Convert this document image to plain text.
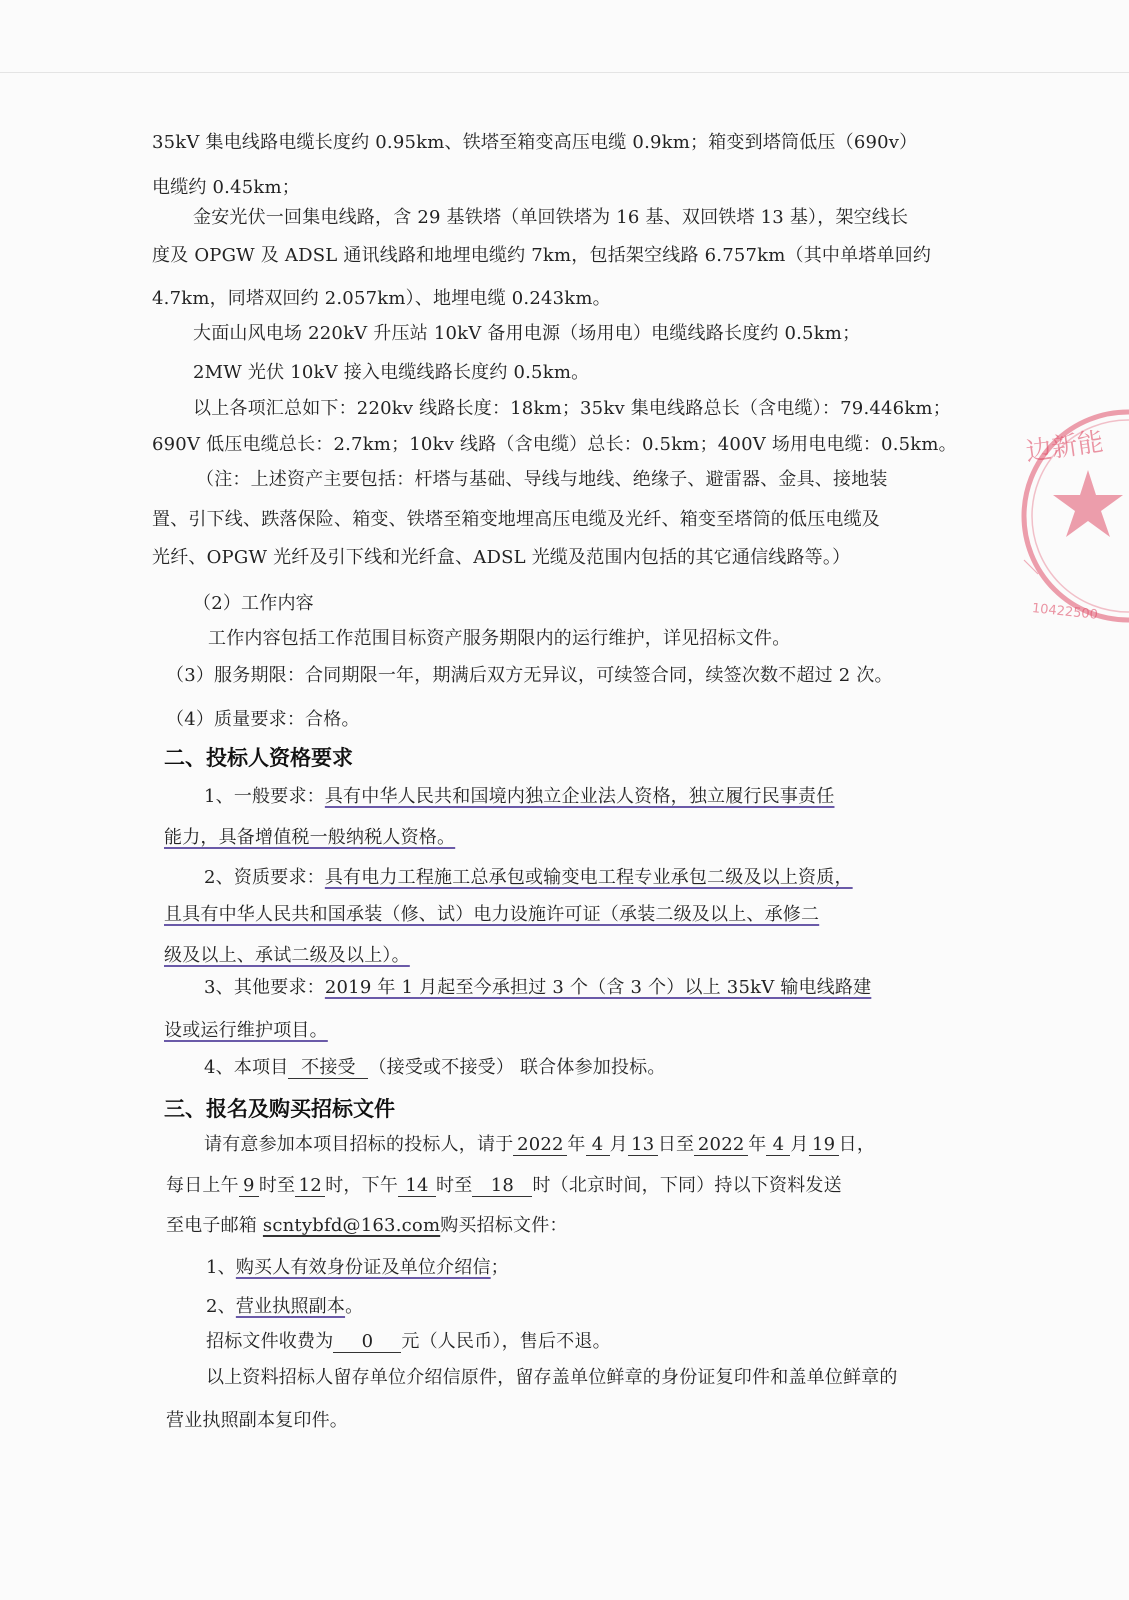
35kV 集电线路电缆长度约 0.95km、铁塔至箱变高压电缆 0.9km；箱变到塔筒低压（690v）
电缆约 0.45km；
金安光伏一回集电线路，含 29 基铁塔（单回铁塔为 16 基、双回铁塔 13 基），架空线长
度及 OPGW 及 ADSL 通讯线路和地埋电缆约 7km，包括架空线路 6.757km（其中单塔单回约
4.7km，同塔双回约 2.057km）、地埋电缆 0.243km。
大面山风电场 220kV 升压站 10kV 备用电源（场用电）电缆线路长度约 0.5km；
2MW 光伏 10kV 接入电缆线路长度约 0.5km。
以上各项汇总如下：220kv 线路长度：18km；35kv 集电线路总长（含电缆）：79.446km；
690V 低压电缆总长：2.7km；10kv 线路（含电缆）总长：0.5km；400V 场用电电缆：0.5km。
（注：上述资产主要包括：杆塔与基础、导线与地线、绝缘子、避雷器、金具、接地装
置、引下线、跌落保险、箱变、铁塔至箱变地埋高压电缆及光纤、箱变至塔筒的低压电缆及
光纤、OPGW 光纤及引下线和光纤盒、ADSL 光缆及范围内包括的其它通信线路等。）
（2）工作内容
工作内容包括工作范围目标资产服务期限内的运行维护，详见招标文件。
（3）服务期限：合同期限一年，期满后双方无异议，可续签合同，续签次数不超过 2 次。
（4）质量要求：合格。
二、投标人资格要求
1、一般要求：具有中华人民共和国境内独立企业法人资格，独立履行民事责任
能力，具备增值税一般纳税人资格。
2、资质要求：具有电力工程施工总承包或输变电工程专业承包二级及以上资质，
且具有中华人民共和国承装（修、试）电力设施许可证（承装二级及以上、承修二
级及以上、承试二级及以上）。
3、其他要求：2019 年 1 月起至今承担过 3 个（含 3 个）以上 35kV 输电线路建
设或运行维护项目。
4、本项目 不接受 （接受或不接受） 联合体参加投标。
三、报名及购买招标文件
请有意参加本项目招标的投标人，请于 2022 年 4 月 13 日至 2022 年 4 月 19 日，
每日上午 9 时至 12 时，下午 14 时至 18 时（北京时间，下同）持以下资料发送
至电子邮箱 scntybfd@163.com购买招标文件：
1、购买人有效身份证及单位介绍信；
2、营业执照副本。
招标文件收费为 0 元（人民币），售后不退。
以上资料招标人留存单位介绍信原件，留存盖单位鲜章的身份证复印件和盖单位鲜章的
营业执照副本复印件。
边新能
10422500
